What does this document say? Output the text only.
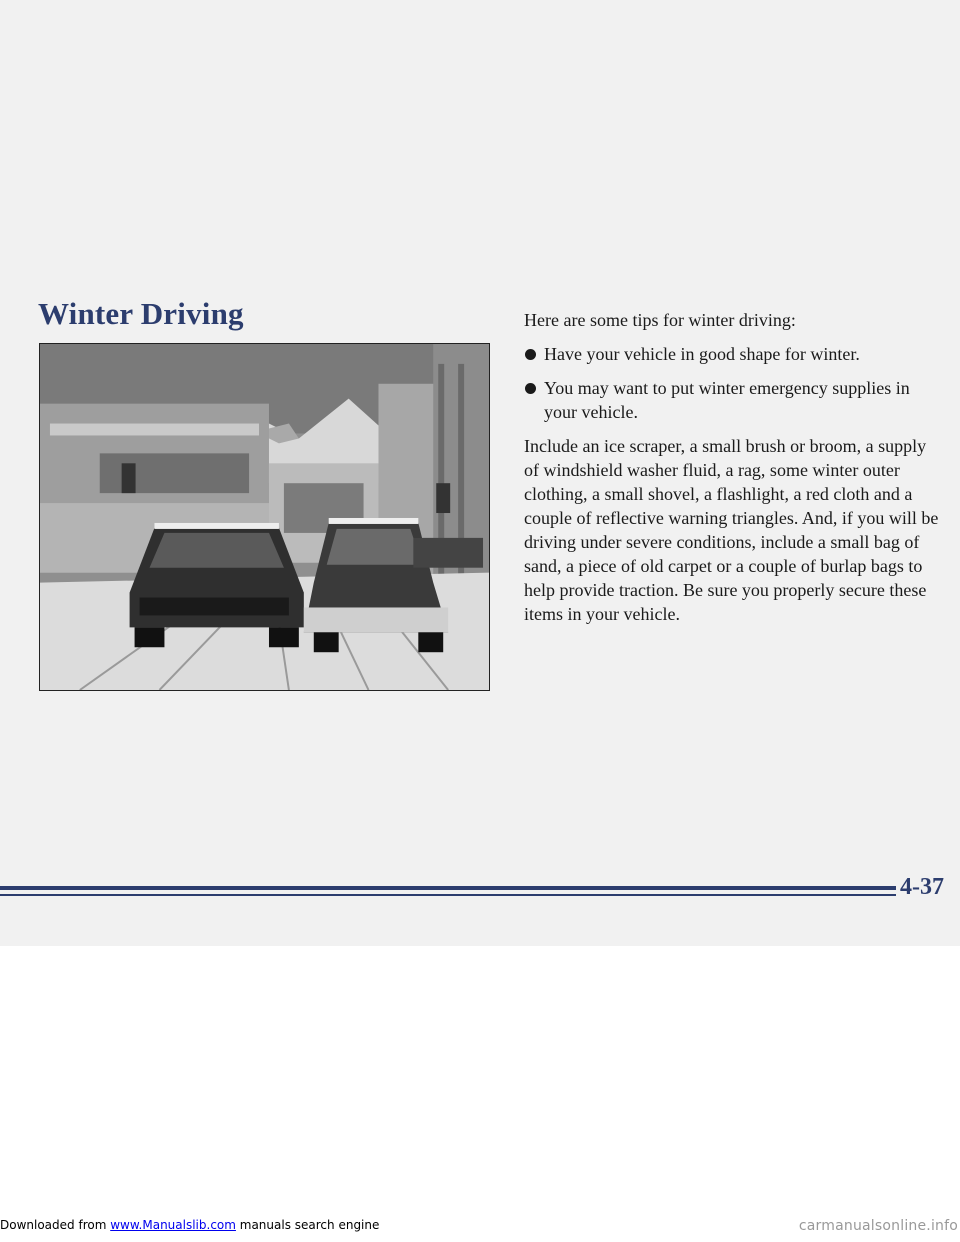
Winter Driving	Here are some tips for winter driving:

Have your vehicle in good shape for winter.
You may want to put winter emergency supplies in your vehicle.

Include an ice scraper, a small brush or broom, a supply of windshield washer fluid, a rag, some winter outer clothing, a small shovel, a flashlight, a red cloth and a couple of reflective warning triangles. And, if you will be driving under severe conditions, include a small bag of sand, a piece of old carpet or a couple of burlap bags to help provide traction. Be sure you properly secure these items in your vehicle.

4-37
Downloaded from www.Manualslib.com manuals search engine	carmanualsonline.info
